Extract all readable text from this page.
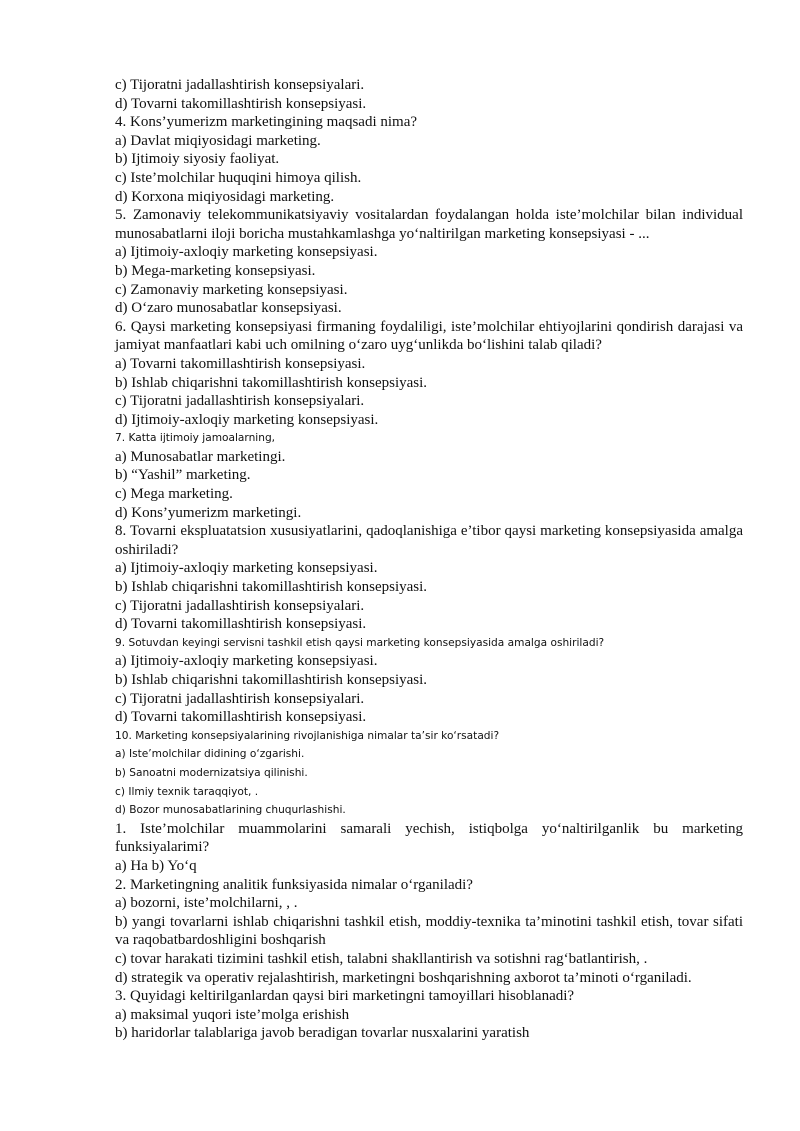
c) Tijoratni jadallashtirish konsepsiyalari.

d) Tovarni takomillashtirish konsepsiyasi.

4. Kons’yumerizm marketingining maqsadi nima?

a) Davlat miqiyosidagi marketing.

b) Ijtimoiy siyosiy faoliyat.

c) Iste’molchilar huquqini himoya qilish.

d) Korxona miqiyosidagi marketing.

5. Zamonaviy telekommunikatsiyaviy vositalardan foydalangan holda iste’molchilar bilan individual munosabatlarni iloji boricha mustahkamlashga yo‘naltirilgan marketing konsepsiyasi - ...

a) Ijtimoiy-axloqiy marketing konsepsiyasi.

b) Mega-marketing konsepsiyasi.

c) Zamonaviy marketing konsepsiyasi.

d) O‘zaro munosabatlar konsepsiyasi.

6. Qaysi marketing konsepsiyasi firmaning foydaliligi, iste’molchilar ehtiyojlarini qondirish darajasi va jamiyat manfaatlari kabi uch omilning o‘zaro uyg‘unlikda bo‘lishini talab qiladi?

a) Tovarni takomillashtirish konsepsiyasi.

b) Ishlab chiqarishni takomillashtirish konsepsiyasi.

c) Tijoratni jadallashtirish konsepsiyalari.

d) Ijtimoiy-axloqiy marketing konsepsiyasi.

7. Katta ijtimoiy jamoalarning,

a) Munosabatlar marketingi.

b) “Yashil” marketing.

c) Mega marketing.

d) Kons’yumerizm marketingi.

8. Tovarni ekspluatatsion xususiyatlarini, qadoqlanishiga e’tibor qaysi marketing konsepsiyasida amalga oshiriladi?

a) Ijtimoiy-axloqiy marketing konsepsiyasi.

b) Ishlab chiqarishni takomillashtirish konsepsiyasi.

c) Tijoratni jadallashtirish konsepsiyalari.

d) Tovarni takomillashtirish konsepsiyasi.

9. Sotuvdan keyingi servisni tashkil etish qaysi marketing konsepsiyasida amalga oshiriladi?

a) Ijtimoiy-axloqiy marketing konsepsiyasi.

b) Ishlab chiqarishni takomillashtirish konsepsiyasi.

c) Tijoratni jadallashtirish konsepsiyalari.

d) Tovarni takomillashtirish konsepsiyasi.

10. Marketing konsepsiyalarining rivojlanishiga nimalar ta’sir ko‘rsatadi?

a) Iste’molchilar didining o‘zgarishi.

b) Sanoatni modernizatsiya qilinishi.

c) Ilmiy texnik taraqqiyot, .

d) Bozor munosabatlarining chuqurlashishi.

1. Iste’molchilar muammolarini samarali yechish, istiqbolga yo‘naltirilganlik bu marketing funksiyalarimi?

a) Ha b) Yo‘q

2. Marketingning analitik funksiyasida nimalar o‘rganiladi?

a) bozorni, iste’molchilarni, , .

b) yangi tovarlarni ishlab chiqarishni tashkil etish, moddiy-texnika ta’minotini tashkil etish, tovar sifati va raqobatbardoshligini boshqarish

c) tovar harakati tizimini tashkil etish, talabni shakllantirish va sotishni rag‘batlantirish, .

d) strategik va operativ rejalashtirish, marketingni boshqarishning axborot ta’minoti o‘rganiladi.

3. Quyidagi keltirilganlardan qaysi biri marketingni tamoyillari hisoblanadi?

a) maksimal yuqori iste’molga erishish

b) haridorlar talablariga javob beradigan tovarlar nusxalarini yaratish
